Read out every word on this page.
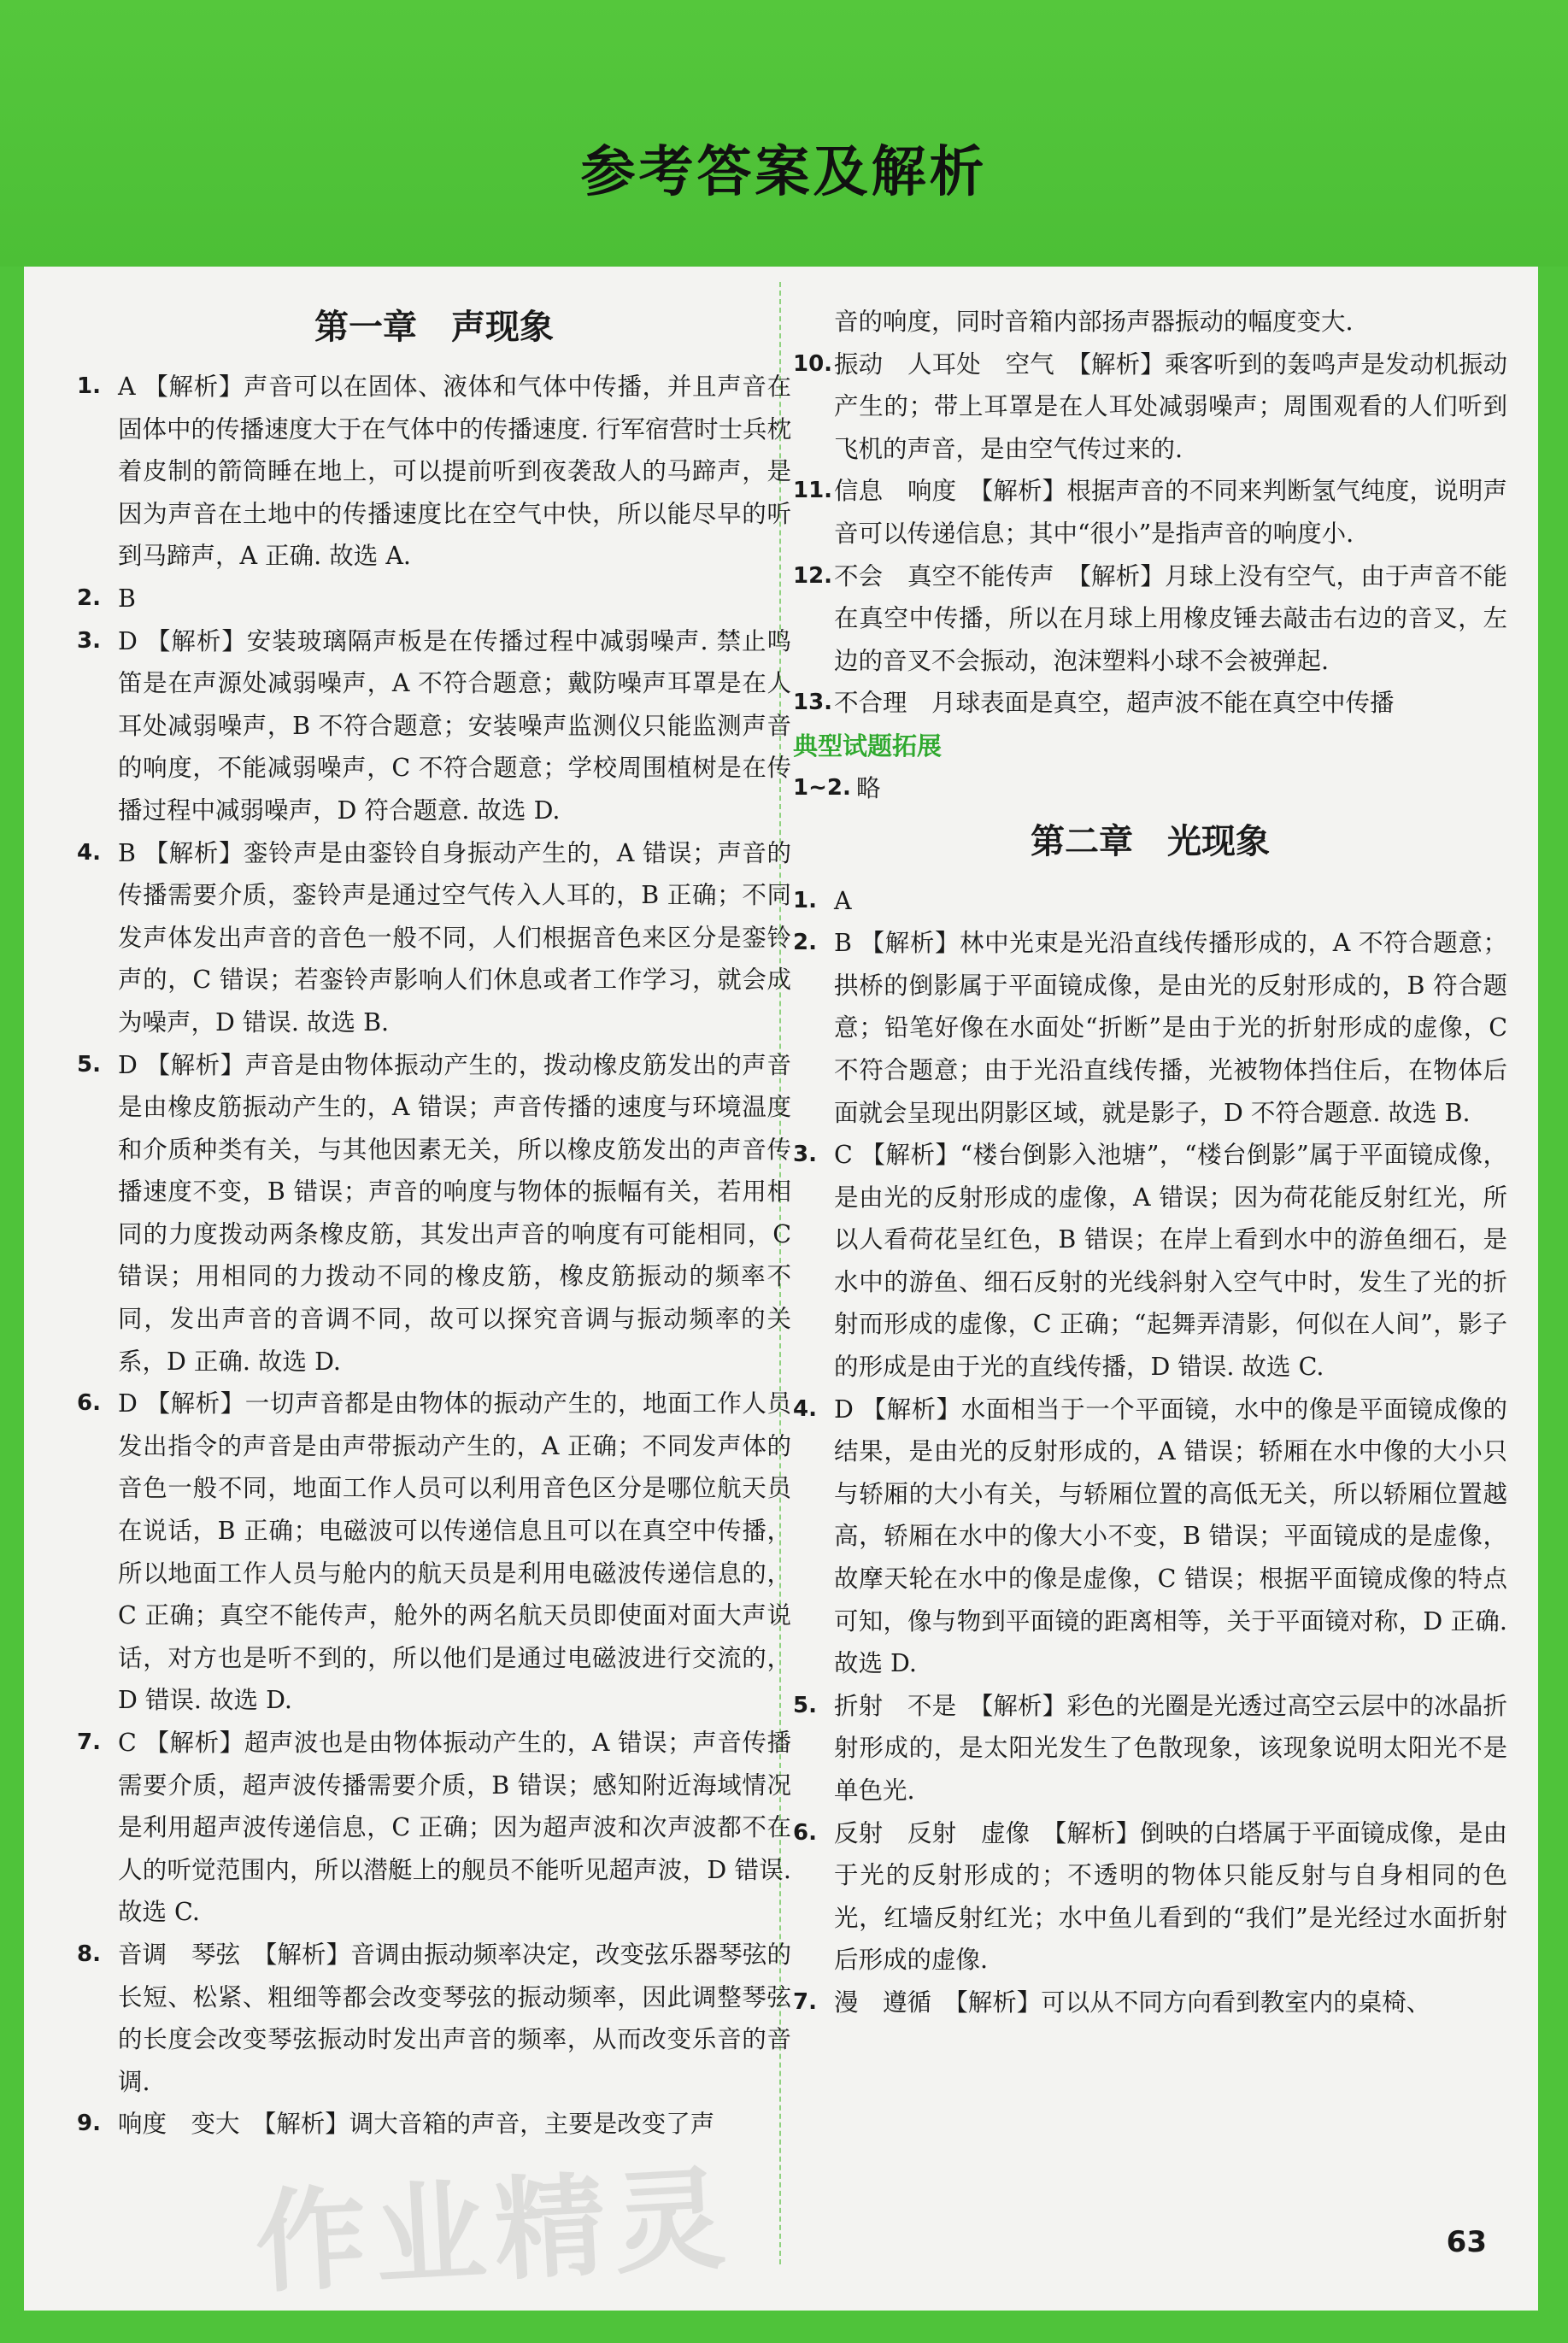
参考答案及解析
第一章　声现象

1. A 【解析】声音可以在固体、液体和气体中传播，并且声音在固体中的传播速度大于在气体中的传播速度. 行军宿营时士兵枕着皮制的箭筒睡在地上，可以提前听到夜袭敌人的马蹄声，是因为声音在土地中的传播速度比在空气中快，所以能尽早的听到马蹄声，A 正确. 故选 A.

2. B

3. D 【解析】安装玻璃隔声板是在传播过程中减弱噪声. 禁止鸣笛是在声源处减弱噪声，A 不符合题意；戴防噪声耳罩是在人耳处减弱噪声，B 不符合题意；安装噪声监测仪只能监测声音的响度，不能减弱噪声，C 不符合题意；学校周围植树是在传播过程中减弱噪声，D 符合题意. 故选 D.

4. B 【解析】銮铃声是由銮铃自身振动产生的，A 错误；声音的传播需要介质，銮铃声是通过空气传入人耳的，B 正确；不同发声体发出声音的音色一般不同，人们根据音色来区分是銮铃声的，C 错误；若銮铃声影响人们休息或者工作学习，就会成为噪声，D 错误. 故选 B.

5. D 【解析】声音是由物体振动产生的，拨动橡皮筋发出的声音是由橡皮筋振动产生的，A 错误；声音传播的速度与环境温度和介质种类有关，与其他因素无关，所以橡皮筋发出的声音传播速度不变，B 错误；声音的响度与物体的振幅有关，若用相同的力度拨动两条橡皮筋，其发出声音的响度有可能相同，C 错误；用相同的力拨动不同的橡皮筋，橡皮筋振动的频率不同，发出声音的音调不同，故可以探究音调与振动频率的关系，D 正确. 故选 D.

6. D 【解析】一切声音都是由物体的振动产生的，地面工作人员发出指令的声音是由声带振动产生的，A 正确；不同发声体的音色一般不同，地面工作人员可以利用音色区分是哪位航天员在说话，B 正确；电磁波可以传递信息且可以在真空中传播，所以地面工作人员与舱内的航天员是利用电磁波传递信息的，C 正确；真空不能传声，舱外的两名航天员即使面对面大声说话，对方也是听不到的，所以他们是通过电磁波进行交流的，D 错误. 故选 D.

7. C 【解析】超声波也是由物体振动产生的，A 错误；声音传播需要介质，超声波传播需要介质，B 错误；感知附近海域情况是利用超声波传递信息，C 正确；因为超声波和次声波都不在人的听觉范围内，所以潜艇上的舰员不能听见超声波，D 错误. 故选 C.

8. 音调　琴弦　【解析】音调由振动频率决定，改变弦乐器琴弦的长短、松紧、粗细等都会改变琴弦的振动频率，因此调整琴弦的长度会改变琴弦振动时发出声音的频率，从而改变乐音的音调.

9. 响度　变大　【解析】调大音箱的声音，主要是改变了声

音的响度，同时音箱内部扬声器振动的幅度变大.

10. 振动　人耳处　空气　【解析】乘客听到的轰鸣声是发动机振动产生的；带上耳罩是在人耳处减弱噪声；周围观看的人们听到飞机的声音，是由空气传过来的.

11. 信息　响度　【解析】根据声音的不同来判断氢气纯度，说明声音可以传递信息；其中“很小”是指声音的响度小.

12. 不会　真空不能传声　【解析】月球上没有空气，由于声音不能在真空中传播，所以在月球上用橡皮锤去敲击右边的音叉，左边的音叉不会振动，泡沫塑料小球不会被弹起.

13. 不合理　月球表面是真空，超声波不能在真空中传播

典型试题拓展

1~2. 略

第二章　光现象

1. A

2. B 【解析】林中光束是光沿直线传播形成的，A 不符合题意；拱桥的倒影属于平面镜成像，是由光的反射形成的，B 符合题意；铅笔好像在水面处“折断”是由于光的折射形成的虚像，C 不符合题意；由于光沿直线传播，光被物体挡住后，在物体后面就会呈现出阴影区域，就是影子，D 不符合题意. 故选 B.

3. C 【解析】“楼台倒影入池塘”，“楼台倒影”属于平面镜成像，是由光的反射形成的虚像，A 错误；因为荷花能反射红光，所以人看荷花呈红色，B 错误；在岸上看到水中的游鱼细石，是水中的游鱼、细石反射的光线斜射入空气中时，发生了光的折射而形成的虚像，C 正确；“起舞弄清影，何似在人间”，影子的形成是由于光的直线传播，D 错误. 故选 C.

4. D 【解析】水面相当于一个平面镜，水中的像是平面镜成像的结果，是由光的反射形成的，A 错误；轿厢在水中像的大小只与轿厢的大小有关，与轿厢位置的高低无关，所以轿厢位置越高，轿厢在水中的像大小不变，B 错误；平面镜成的是虚像，故摩天轮在水中的像是虚像，C 错误；根据平面镜成像的特点可知，像与物到平面镜的距离相等，关于平面镜对称，D 正确. 故选 D.

5. 折射　不是　【解析】彩色的光圈是光透过高空云层中的冰晶折射形成的，是太阳光发生了色散现象，该现象说明太阳光不是单色光.

6. 反射　反射　虚像　【解析】倒映的白塔属于平面镜成像，是由于光的反射形成的；不透明的物体只能反射与自身相同的色光，红墙反射红光；水中鱼儿看到的“我们”是光经过水面折射后形成的虚像.

7. 漫　遵循　【解析】可以从不同方向看到教室内的桌椅、

63
作业精灵
